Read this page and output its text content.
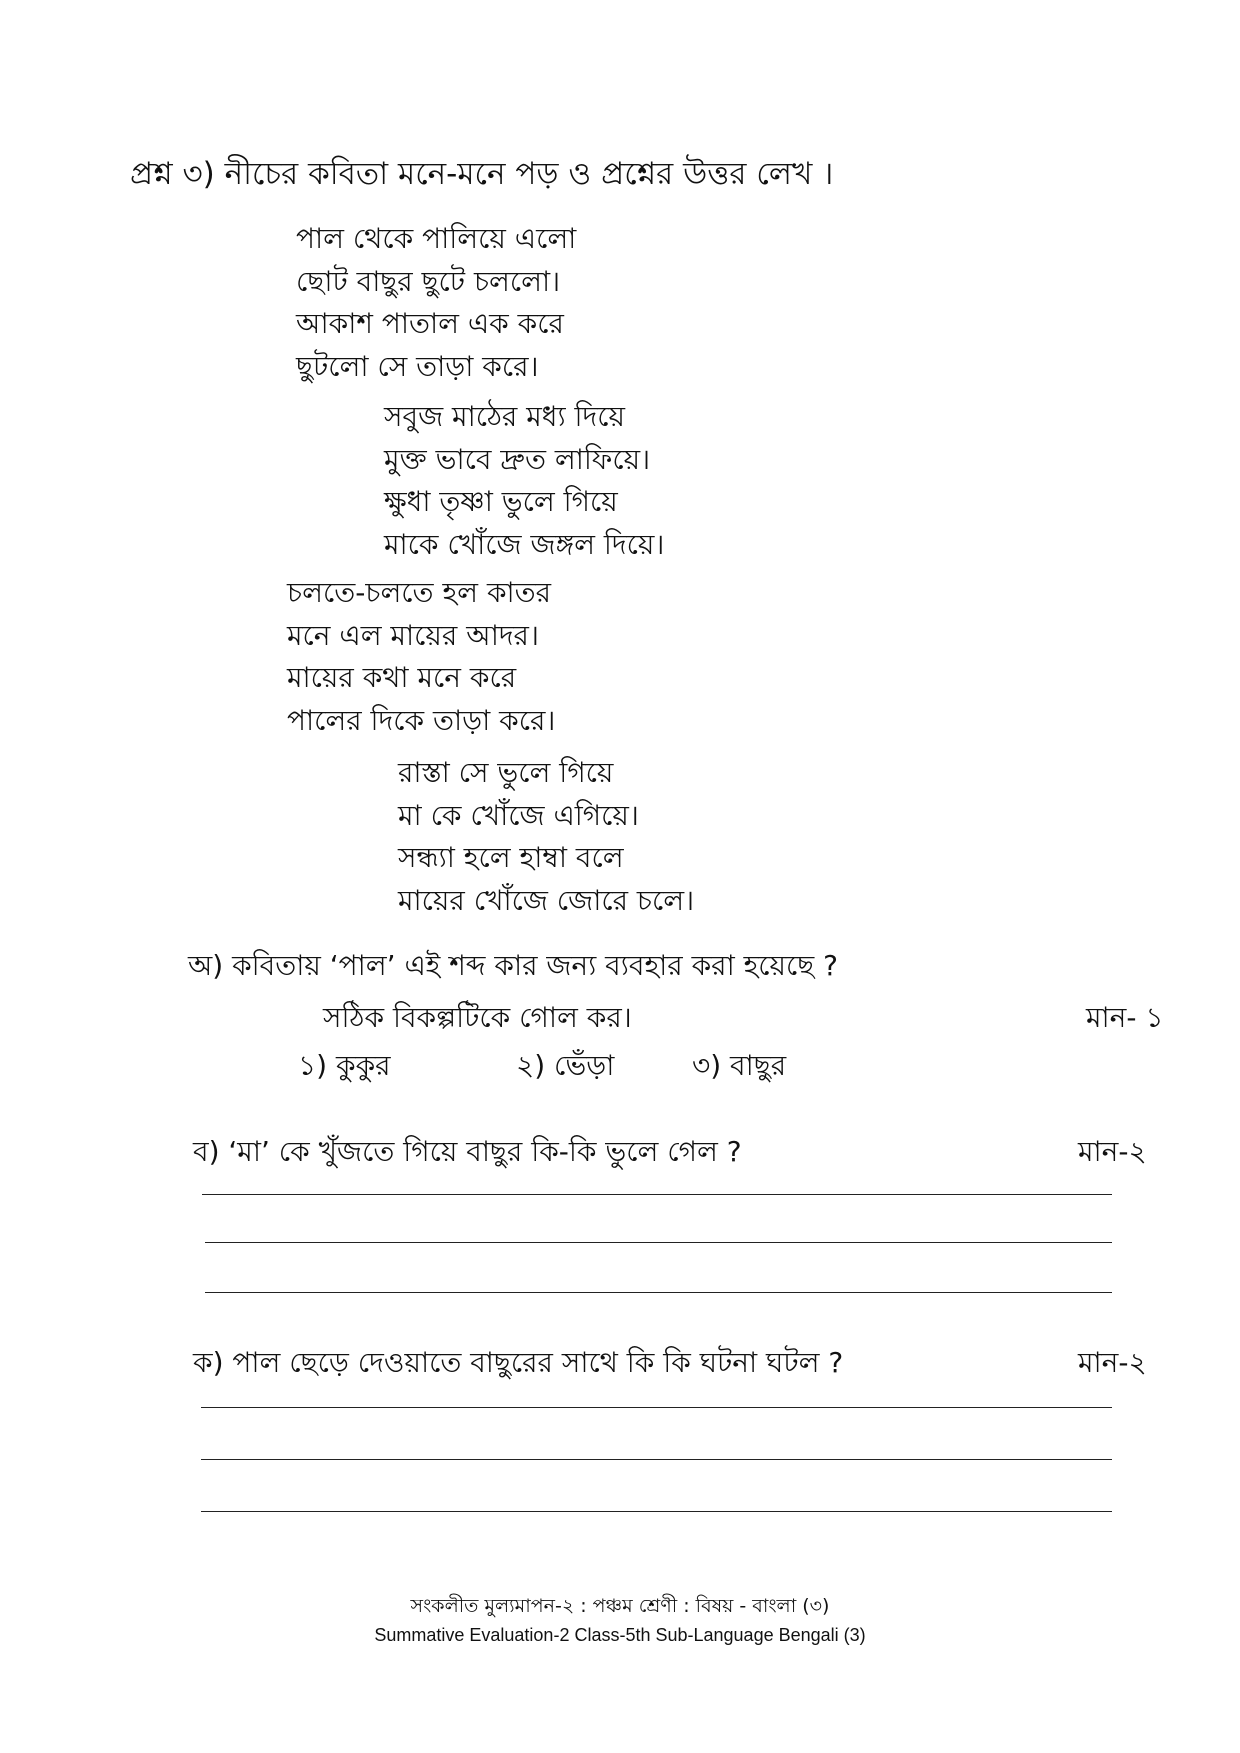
প্রশ্ন ৩) নীচের কবিতা মনে-মনে পড় ও প্রশ্নের উত্তর লেখ ।
পাল থেকে পালিয়ে এলো
ছোট বাছুর ছুটে চললো।
আকাশ পাতাল এক করে
ছুটলো সে তাড়া করে।
সবুজ মাঠের মধ্য দিয়ে
মুক্ত ভাবে দ্রুত লাফিয়ে।
ক্ষুধা তৃষ্ণা ভুলে গিয়ে
মাকে খোঁজে জঙ্গল দিয়ে।
চলতে-চলতে হল কাতর
মনে এল মায়ের আদর।
মায়ের কথা মনে করে
পালের দিকে তাড়া করে।
রাস্তা সে ভুলে গিয়ে
মা কে খোঁজে এগিয়ে।
সন্ধ্যা হলে হাম্বা বলে
মায়ের খোঁজে জোরে চলে।
অ) কবিতায় ‘পাল’ এই শব্দ কার জন্য ব্যবহার করা হয়েছে ?
সঠিক বিকল্পটিকে গোল কর।	মান- ১
১) কুকুর	২) ভেঁড়া	৩) বাছুর
ব) ‘মা’ কে খুঁজতে গিয়ে বাছুর কি-কি ভুলে গেল ?	মান-২
ক) পাল ছেড়ে দেওয়াতে বাছুরের সাথে কি কি ঘটনা ঘটল ?	মান-২
সংকলীত মুল্যমাপন-২ : পঞ্চম শ্রেণী : বিষয় - বাংলা (৩)
Summative Evaluation-2 Class-5th Sub-Language Bengali (3)
